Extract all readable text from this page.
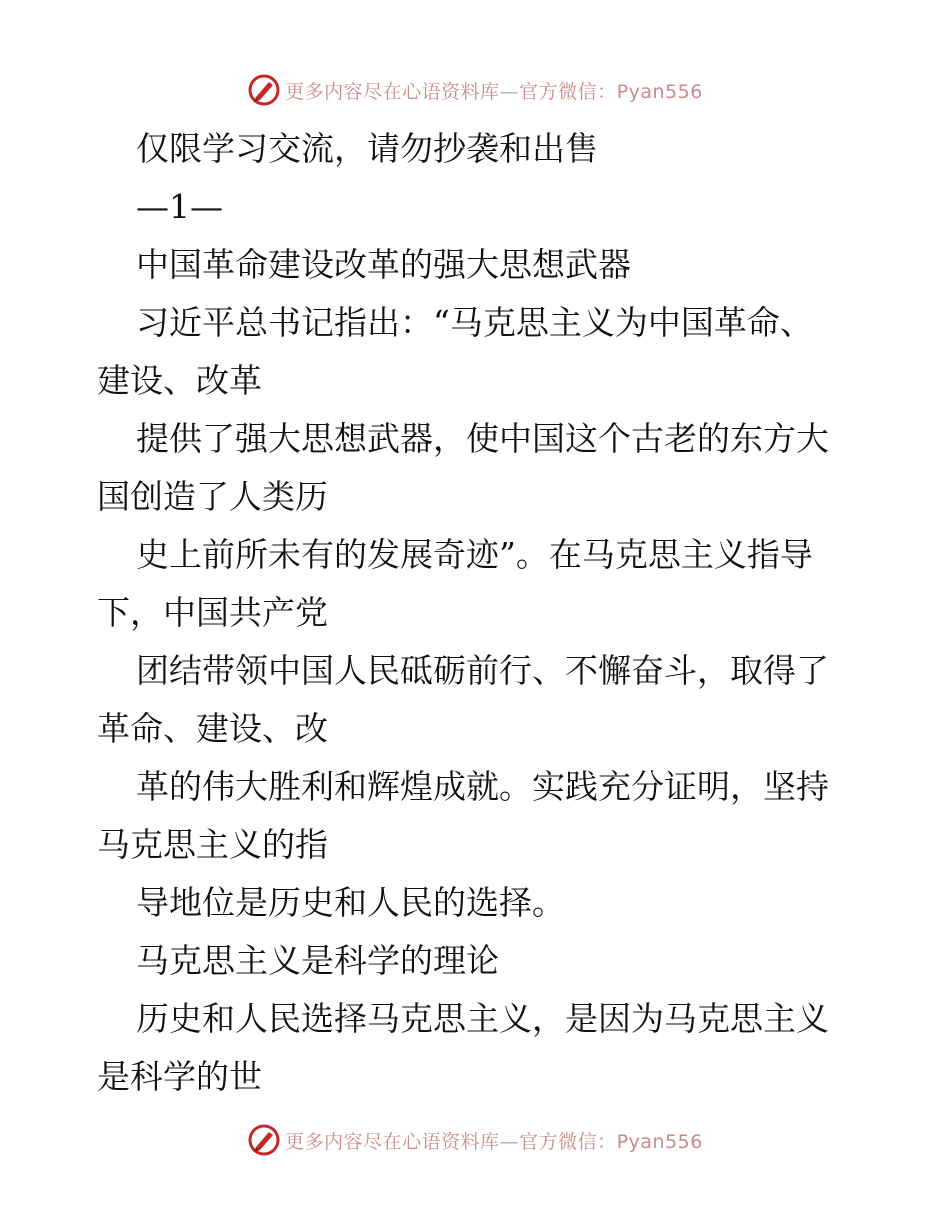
更多内容尽在心语资料库—官方微信：Pyan556
仅限学习交流，请勿抄袭和出售
—1—
中国革命建设改革的强大思想武器
习近平总书记指出：“马克思主义为中国革命、
建设、改革
提供了强大思想武器，使中国这个古老的东方大
国创造了人类历
史上前所未有的发展奇迹”。在马克思主义指导
下，中国共产党
团结带领中国人民砥砺前行、不懈奋斗，取得了
革命、建设、改
革的伟大胜利和辉煌成就。实践充分证明，坚持
马克思主义的指
导地位是历史和人民的选择。
马克思主义是科学的理论
历史和人民选择马克思主义，是因为马克思主义
是科学的世
更多内容尽在心语资料库—官方微信：Pyan556
